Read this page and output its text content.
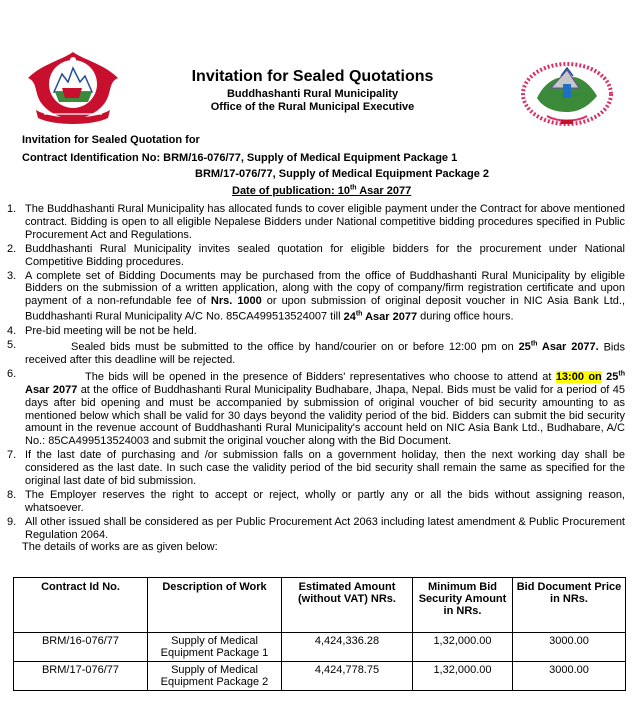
Invitation for Sealed Quotations
Buddhashanti Rural Municipality
Office of the Rural Municipal Executive
Invitation for Sealed Quotation for
Contract Identification No: BRM/16-076/77, Supply of Medical Equipment Package 1
BRM/17-076/77, Supply of Medical Equipment Package 2
Date of publication: 10th Asar 2077
1. The Buddhashanti Rural Municipality has allocated funds to cover eligible payment under the Contract for above mentioned contract. Bidding is open to all eligible Nepalese Bidders under National competitive bidding procedures specified in Public Procurement Act and Regulations.
2. Buddhashanti Rural Municipality invites sealed quotation for eligible bidders for the procurement under National Competitive Bidding procedures.
3. A complete set of Bidding Documents may be purchased from the office of Buddhashanti Rural Municipality by eligible Bidders on the submission of a written application, along with the copy of company/firm registration certificate and upon payment of a non-refundable fee of Nrs. 1000 or upon submission of original deposit voucher in NIC Asia Bank Ltd., Buddhashanti Rural Municipality A/C No. 85CA499513524007 till 24th Asar 2077 during office hours.
4. Pre-bid meeting will be not be held.
5.	Sealed bids must be submitted to the office by hand/courier on or before 12:00 pm on 25th Asar 2077. Bids received after this deadline will be rejected.
6.	The bids will be opened in the presence of Bidders' representatives who choose to attend at 13:00 on 25th Asar 2077 at the office of Buddhashanti Rural Municipality Budhabare, Jhapa, Nepal. Bids must be valid for a period of 45 days after bid opening and must be accompanied by submission of original voucher of bid security amounting to as mentioned below which shall be valid for 30 days beyond the validity period of the bid. Bidders can submit the bid security amount in the revenue account of Buddhashanti Rural Municipality's account held on NIC Asia Bank Ltd., Budhabare, A/C No.: 85CA499513524003 and submit the original voucher along with the Bid Document.
7. If the last date of purchasing and /or submission falls on a government holiday, then the next working day shall be considered as the last date. In such case the validity period of the bid security shall remain the same as specified for the original last date of bid submission.
8. The Employer reserves the right to accept or reject, wholly or partly any or all the bids without assigning reason, whatsoever.
9. All other issued shall be considered as per Public Procurement Act 2063 including latest amendment & Public Procurement Regulation 2064.
The details of works are as given below:
Contract Id No.	Description of Work	Estimated Amount (without VAT) NRs.	Minimum Bid Security Amount in NRs.	Bid Document Price in NRs.
BRM/16-076/77	Supply of Medical Equipment Package 1	4,424,336.28	1,32,000.00	3000.00
BRM/17-076/77	Supply of Medical Equipment Package 2	4,424,778.75	1,32,000.00	3000.00
